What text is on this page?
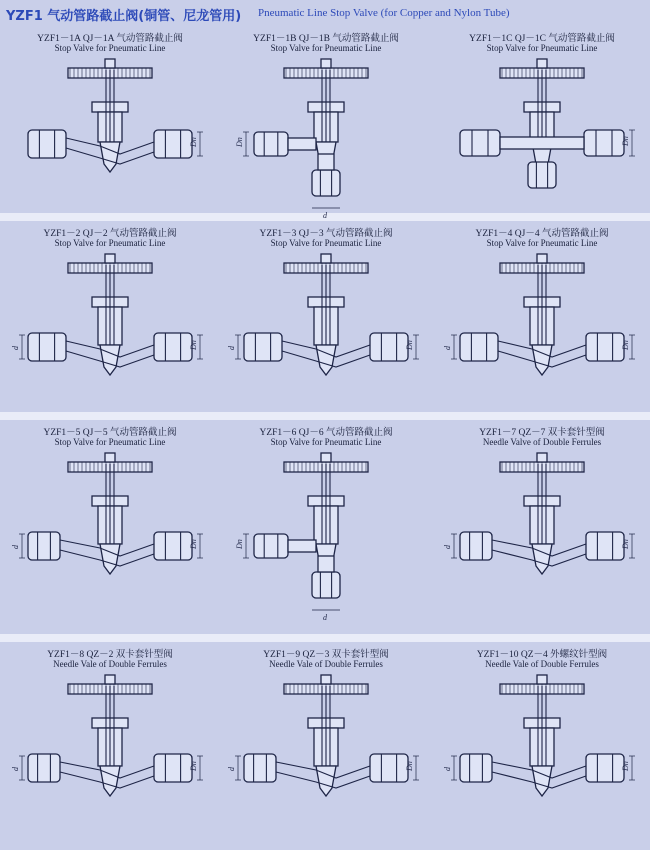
YZF1 气动管路截止阀(铜管、尼龙管用) Pneumatic Line Stop Valve (for Copper and Nylon Tube)
YZF1－1A QJ－1A 气动管路截止阀
Stop Valve for Pneumatic Line
Dn
YZF1－1B QJ－1B 气动管路截止阀
Stop Valve for Pneumatic Line
Dn
d
YZF1－1C QJ－1C 气动管路截止阀
Stop Valve for Pneumatic Line
Dn
YZF1－2 QJ－2 气动管路截止阀
Stop Valve for Pneumatic Line
d	Dn
YZF1－3 QJ－3 气动管路截止阀
Stop Valve for Pneumatic Line
d	Dn
YZF1－4 QJ－4 气动管路截止阀
Stop Valve for Pneumatic Line
d	Dn
YZF1－5 QJ－5 气动管路截止阀
Stop Valve for Pneumatic Line
d	Dn
YZF1－6 QJ－6 气动管路截止阀
Stop Valve for Pneumatic Line
Dn
d
YZF1－7 QZ－7 双卡套针型阀
Needle Valve of Double Ferrules
d	Dn
YZF1－8 QZ－2 双卡套针型阀
Needle Vale of Double Ferrules
d	Dn
YZF1－9 QZ－3 双卡套针型阀
Needle Vale of Double Ferrules
d	Dn
YZF1－10 QZ－4 外螺纹针型阀
Needle Vale of Double Ferrules
d	Dn
